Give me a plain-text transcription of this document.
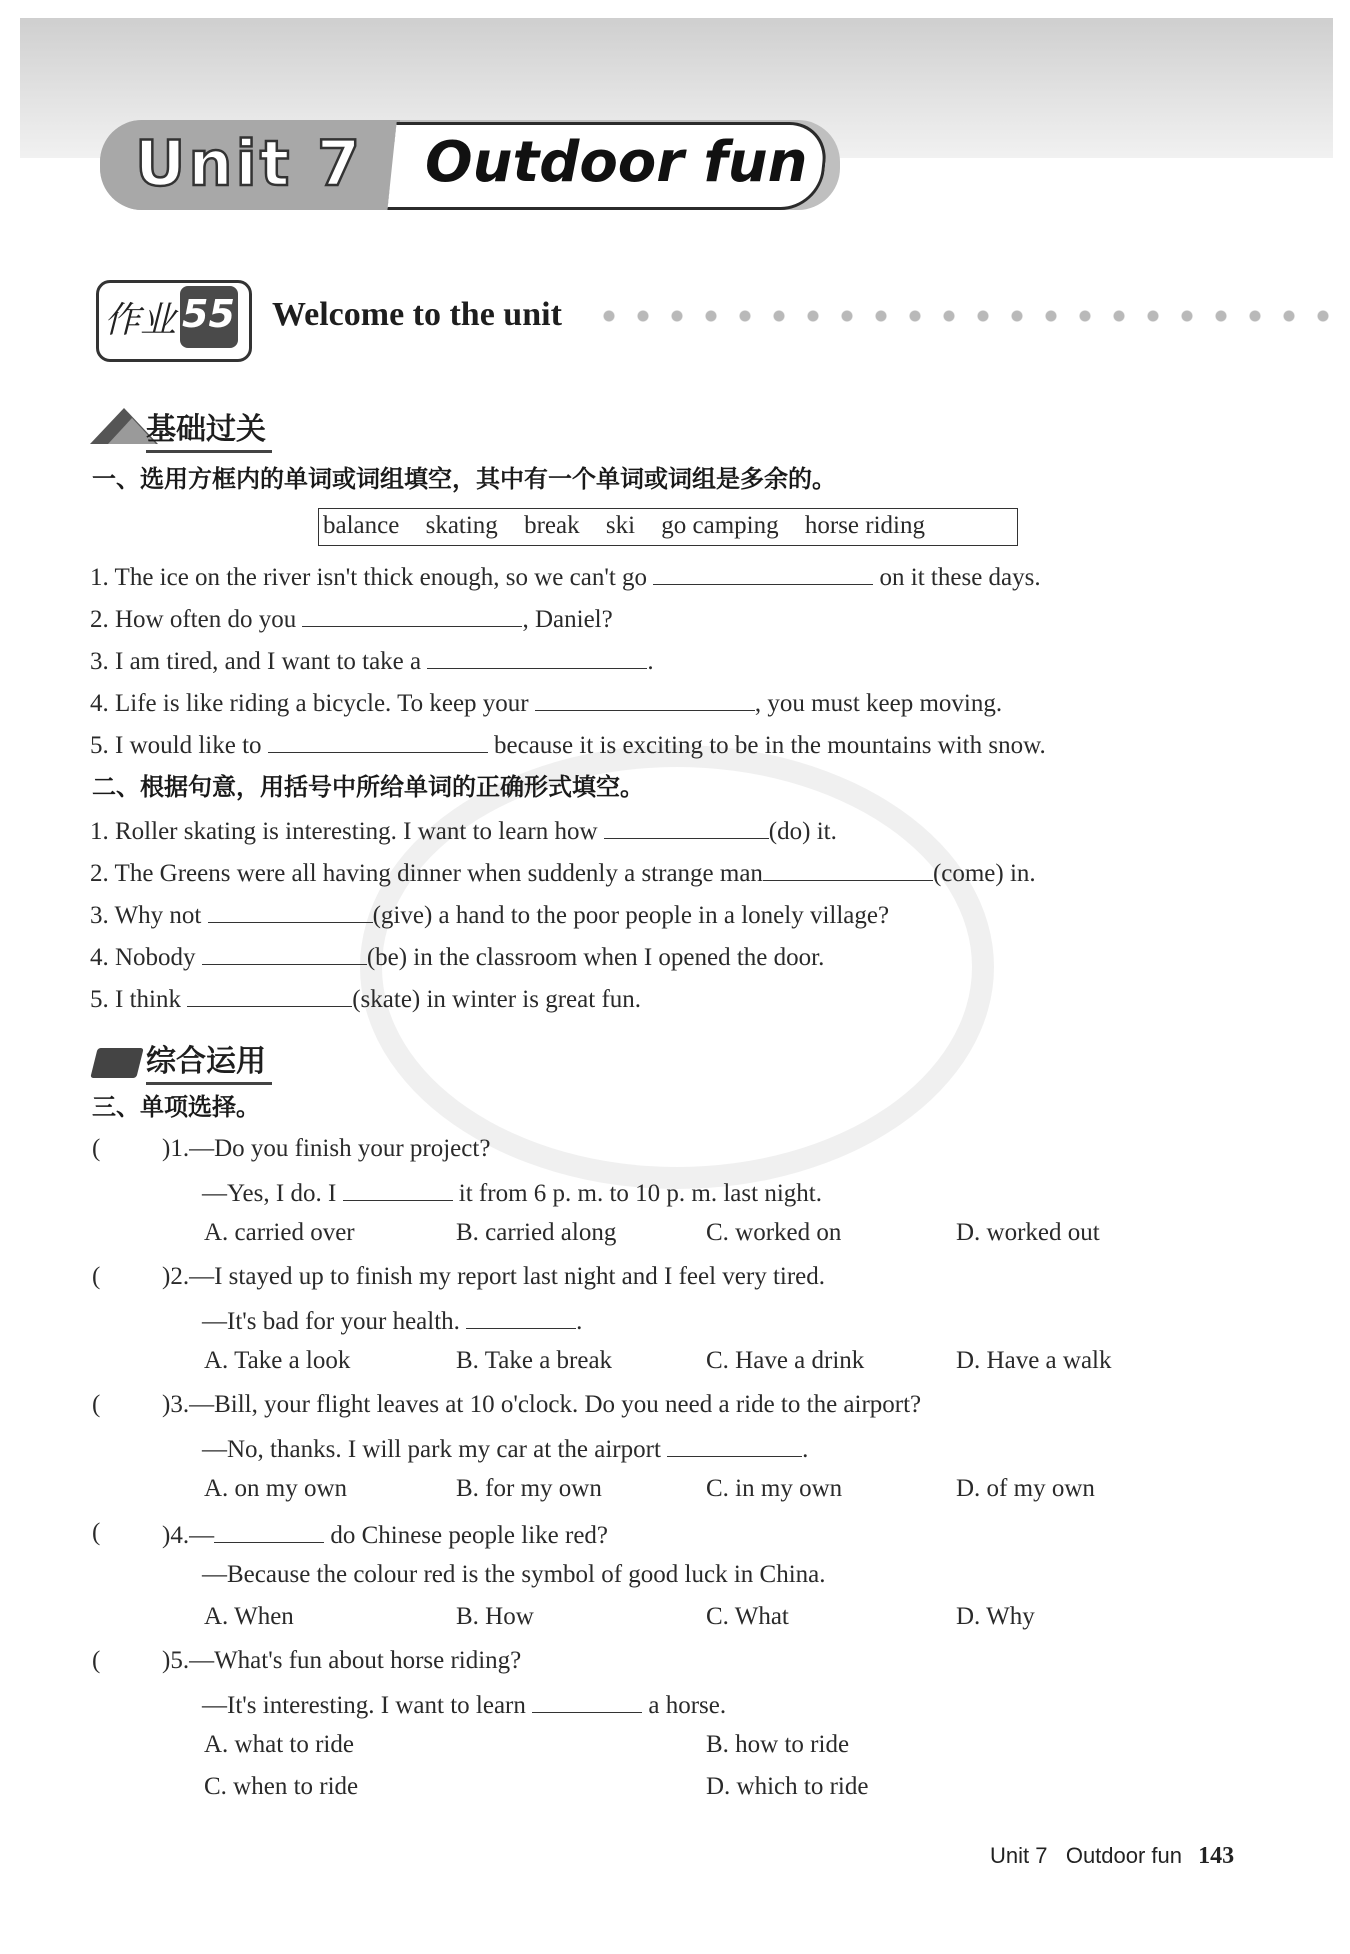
Unit 7 Outdoor fun
作业 55 Welcome to the unit
基础过关
一、选用方框内的单词或词组填空，其中有一个单词或词组是多余的。
balance skating break ski go camping horse riding
1. The ice on the river isn't thick enough, so we can't go	on it these days.
2. How often do you	, Daniel?
3. I am tired, and I want to take a	.
4. Life is like riding a bicycle. To keep your	, you must keep moving.
5. I would like to	because it is exciting to be in the mountains with snow.
二、根据句意，用括号中所给单词的正确形式填空。
1. Roller skating is interesting. I want to learn how	(do) it.
2. The Greens were all having dinner when suddenly a strange man	(come) in.
3. Why not	(give) a hand to the poor people in a lonely village?
4. Nobody	(be) in the classroom when I opened the door.
5. I think	(skate) in winter is great fun.
综合运用
三、单项选择。
( )1.—Do you finish your project?
—Yes, I do. I	it from 6 p. m. to 10 p. m. last night.
A. carried over	B. carried along	C. worked on	D. worked out
( )2.—I stayed up to finish my report last night and I feel very tired.
—It's bad for your health.	.
A. Take a look	B. Take a break	C. Have a drink	D. Have a walk
( )3.—Bill, your flight leaves at 10 o'clock. Do you need a ride to the airport?
—No, thanks. I will park my car at the airport	.
A. on my own	B. for my own	C. in my own	D. of my own
( )4.—	do Chinese people like red?
—Because the colour red is the symbol of good luck in China.
A. When	B. How	C. What	D. Why
( )5.—What's fun about horse riding?
—It's interesting. I want to learn	a horse.
A. what to ride	B. how to ride
C. when to ride	D. which to ride
Unit 7 Outdoor fun 143
